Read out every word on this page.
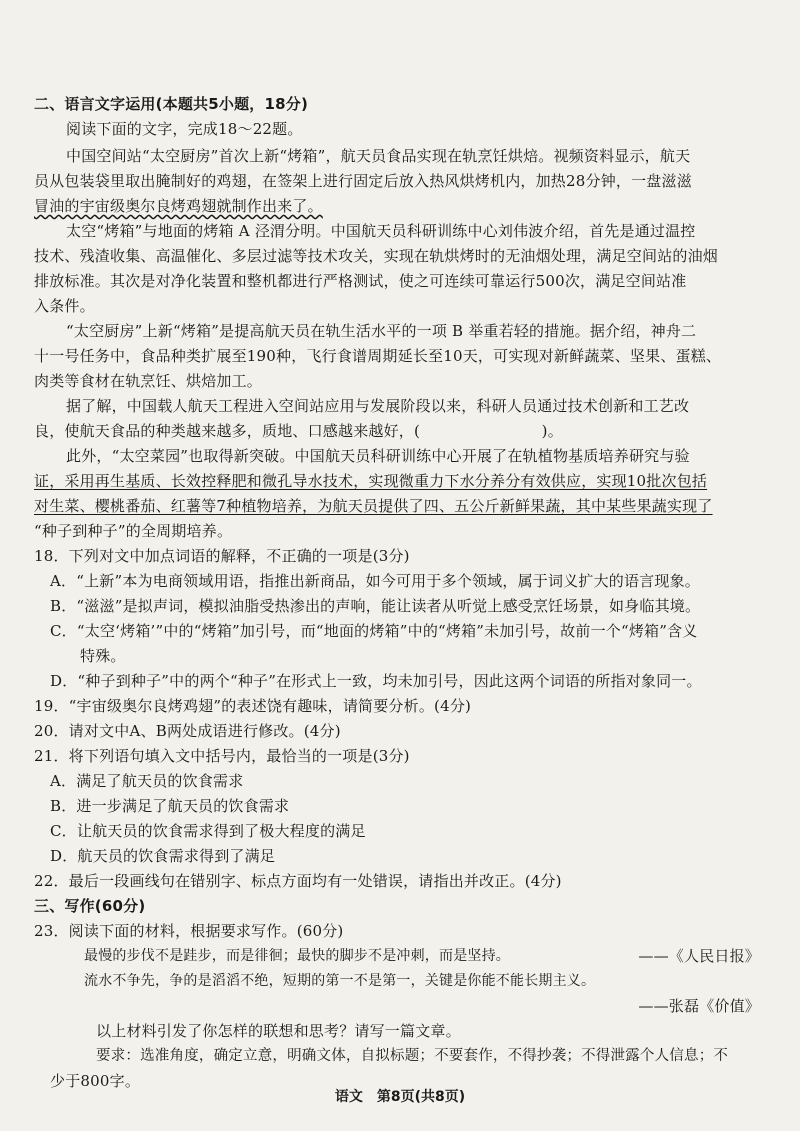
二、语言文字运用(本题共5小题，18分)
阅读下面的文字，完成18～22题。
中国空间站“太空厨房”首次上新“烤箱”，航天员食品实现在轨烹饪烘焙。视频资料显示，航天
员从包装袋里取出腌制好的鸡翅，在签架上进行固定后放入热风烘烤机内，加热28分钟，一盘滋滋
冒油的宇宙级奥尔良烤鸡翅就制作出来了。
太空“烤箱”与地面的烤箱 A 泾渭分明。中国航天员科研训练中心刘伟波介绍，首先是通过温控
技术、残渣收集、高温催化、多层过滤等技术攻关，实现在轨烘烤时的无油烟处理，满足空间站的油烟
排放标准。其次是对净化装置和整机都进行严格测试，使之可连续可靠运行500次，满足空间站准
入条件。
“太空厨房”上新“烤箱”是提高航天员在轨生活水平的一项 B 举重若轻的措施。据介绍，神舟二
十一号任务中，食品种类扩展至190种，飞行食谱周期延长至10天，可实现对新鲜蔬菜、坚果、蛋糕、
肉类等食材在轨烹饪、烘焙加工。
据了解，中国载人航天工程进入空间站应用与发展阶段以来，科研人员通过技术创新和工艺改
良，使航天食品的种类越来越多，质地、口感越来越好，(　　　　　　　　)。
此外，“太空菜园”也取得新突破。中国航天员科研训练中心开展了在轨植物基质培养研究与验
证，采用再生基质、长效控释肥和微孔导水技术，实现微重力下水分养分有效供应，实现10批次包括
对生菜、樱桃番茄、红薯等7种植物培养，为航天员提供了四、五公斤新鲜果蔬，其中某些果蔬实现了
“种子到种子”的全周期培养。
18．下列对文中加点词语的解释，不正确的一项是(3分)
A．“上新”本为电商领域用语，指推出新商品，如今可用于多个领域，属于词义扩大的语言现象。
B．“滋滋”是拟声词，模拟油脂受热渗出的声响，能让读者从听觉上感受烹饪场景，如身临其境。
C．“太空‘烤箱’”中的“烤箱”加引号，而“地面的烤箱”中的“烤箱”未加引号，故前一个“烤箱”含义
特殊。
D．“种子到种子”中的两个“种子”在形式上一致，均未加引号，因此这两个词语的所指对象同一。
19．“宇宙级奥尔良烤鸡翅”的表述饶有趣味，请简要分析。(4分)
20．请对文中A、B两处成语进行修改。(4分)
21．将下列语句填入文中括号内，最恰当的一项是(3分)
A．满足了航天员的饮食需求
B．进一步满足了航天员的饮食需求
C．让航天员的饮食需求得到了极大程度的满足
D．航天员的饮食需求得到了满足
22．最后一段画线句在错别字、标点方面均有一处错误，请指出并改正。(4分)
三、写作(60分)
23．阅读下面的材料，根据要求写作。(60分)
最慢的步伐不是跬步，而是徘徊；最快的脚步不是冲刺，而是坚持。	——《人民日报》
流水不争先，争的是滔滔不绝，短期的第一不是第一，关键是你能不能长期主义。
——张磊《价值》
以上材料引发了你怎样的联想和思考？请写一篇文章。
要求：选准角度，确定立意，明确文体，自拟标题；不要套作，不得抄袭；不得泄露个人信息；不
少于800字。
语文　第8页(共8页)
